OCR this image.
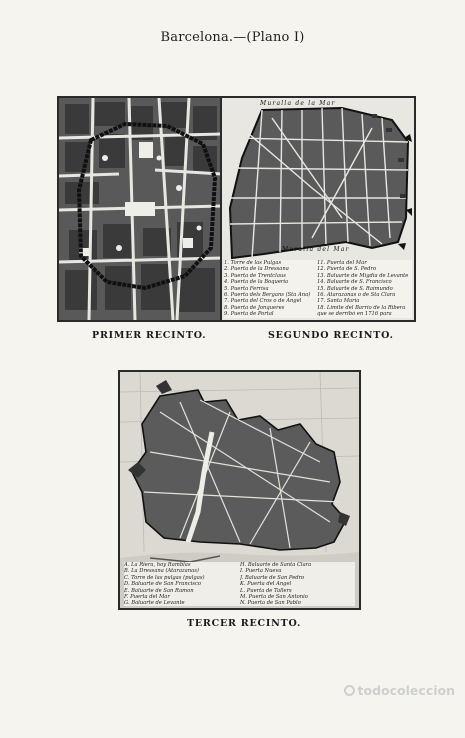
Barcelona.—(Plano I)
Muralla de la Mar
Muralla del Mar
1. Torre de las Pulgas
2. Puerta de la Dressana
3. Puerta de Trentclaus
4. Puerta de la Boqueria
5. Puerta Ferrisa
6. Puerta dels Bergans (Sta Ana)
7. Puerta del Cros o de Angel
8. Puerta de Jonqueres
9. Puerta de Portal
11. Puerta del Mar
12. Puerta de S. Pedro
13. Baluarte de Migdia de Levante
14. Baluarte de S. Francisco
15. Baluarte de S. Raimundo
16. Atarazanas o de Sta Clara
17. Santa Maria
18. Limite del Barrio de la Ribera
que se derribó en 1716 para
PRIMER RECINTO.	SEGUNDO RECINTO.
A. La Riera, hoy Ramblas
B. La Dressana (Atarazanas)
C. Torre de las pulgas (pulgas)
D. Baluarte de San Francisco
E. Baluarte de San Ramon
F. Puerta del Mar
G. Baluarte de Levante
H. Baluarte de Santa Clara
I. Puerta Nueva
J. Baluarte de San Pedro
K. Puerta del Angel
L. Puerta de Tallers
M. Puerta de San Antonio
N. Puerta de San Pablo
TERCER RECINTO.
todocoleccion
